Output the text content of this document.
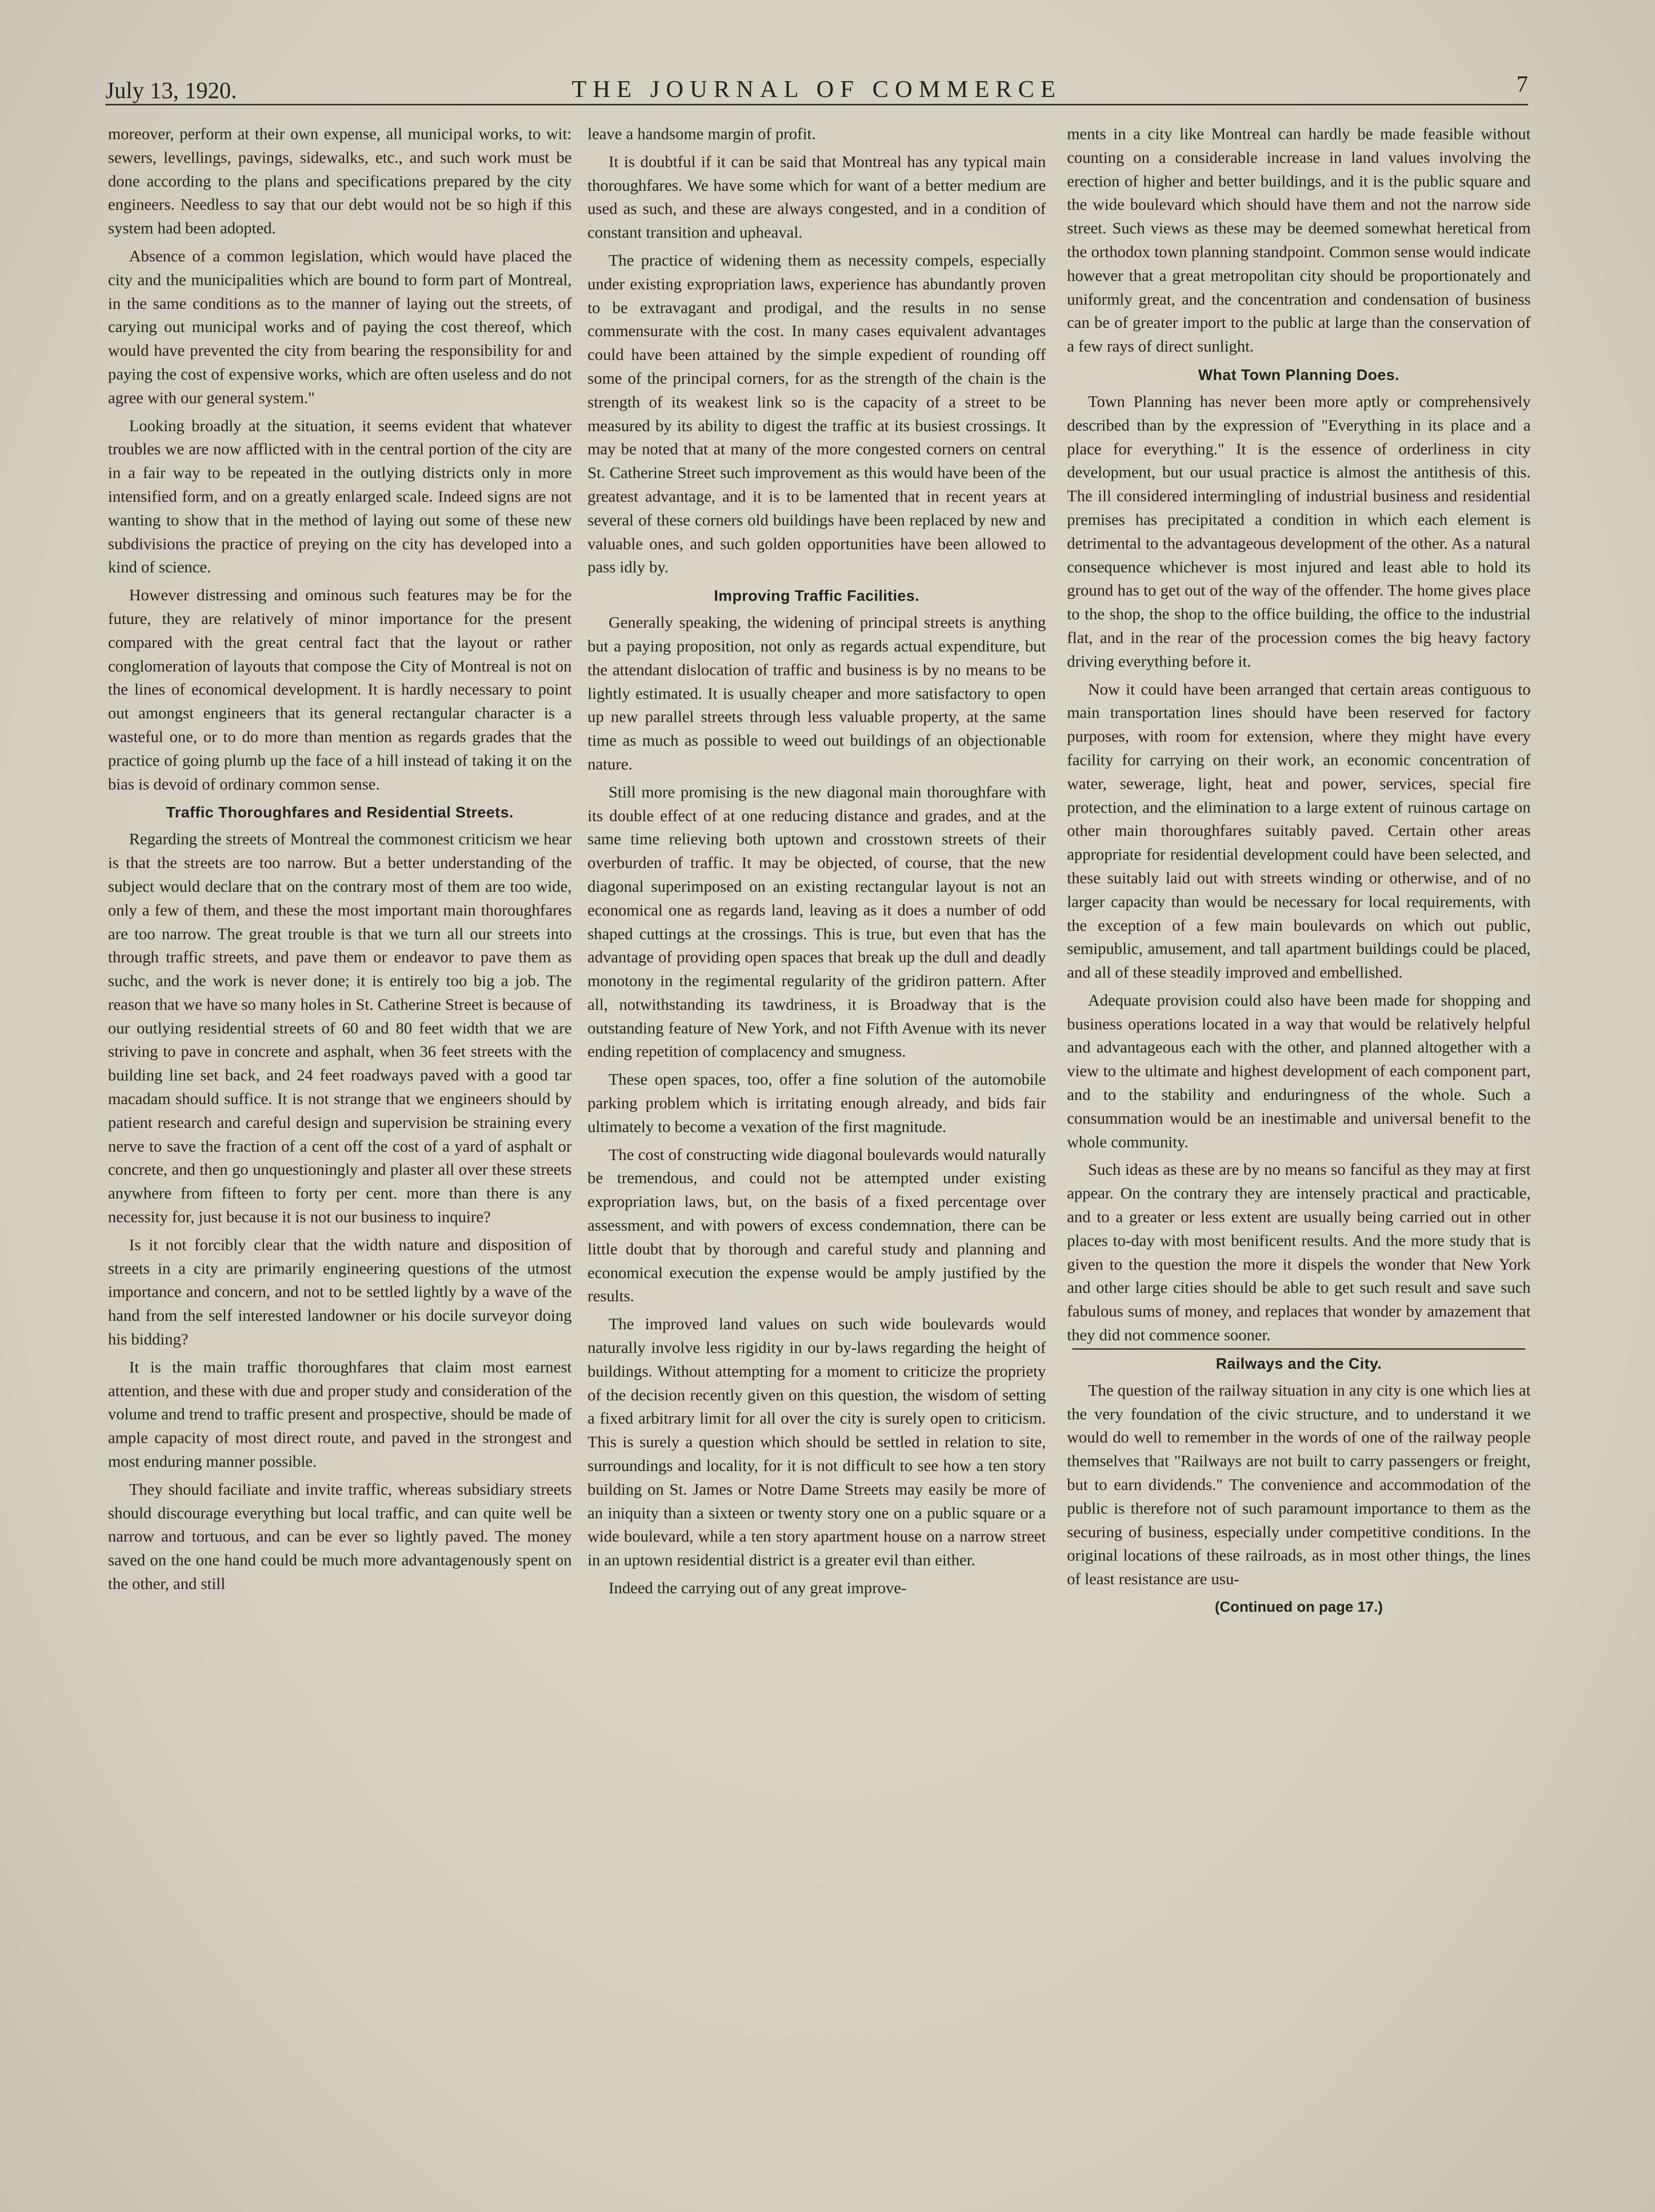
July 13, 1920.	THE JOURNAL OF COMMERCE	7

moreover, perform at their own expense, all municipal works, to wit: sewers, levellings, pavings, sidewalks, etc., and such work must be done according to the plans and specifications prepared by the city engineers. Needless to say that our debt would not be so high if this system had been adopted.

Absence of a common legislation, which would have placed the city and the municipalities which are bound to form part of Montreal, in the same conditions as to the manner of laying out the streets, of carying out municipal works and of paying the cost thereof, which would have prevented the city from bearing the responsibility for and paying the cost of expensive works, which are often useless and do not agree with our general system."

Looking broadly at the situation, it seems evident that whatever troubles we are now afflicted with in the central portion of the city are in a fair way to be repeated in the outlying districts only in more intensified form, and on a greatly enlarged scale. Indeed signs are not wanting to show that in the method of laying out some of these new subdivisions the practice of preying on the city has developed into a kind of science.

However distressing and ominous such features may be for the future, they are relatively of minor importance for the present compared with the great central fact that the layout or rather conglomeration of layouts that compose the City of Montreal is not on the lines of economical development. It is hardly necessary to point out amongst engineers that its general rectangular character is a wasteful one, or to do more than mention as regards grades that the practice of going plumb up the face of a hill instead of taking it on the bias is devoid of ordinary common sense.

Traffic Thoroughfares and Residential Streets.

Regarding the streets of Montreal the commonest criticism we hear is that the streets are too narrow. But a better understanding of the subject would declare that on the contrary most of them are too wide, only a few of them, and these the most important main thoroughfares are too narrow. The great trouble is that we turn all our streets into through traffic streets, and pave them or endeavor to pave them as suchc, and the work is never done; it is entirely too big a job. The reason that we have so many holes in St. Catherine Street is because of our outlying residential streets of 60 and 80 feet width that we are striving to pave in concrete and asphalt, when 36 feet streets with the building line set back, and 24 feet roadways paved with a good tar macadam should suffice. It is not strange that we engineers should by patient research and careful design and supervision be straining every nerve to save the fraction of a cent off the cost of a yard of asphalt or concrete, and then go unquestioningly and plaster all over these streets anywhere from fifteen to forty per cent. more than there is any necessity for, just because it is not our business to inquire?

Is it not forcibly clear that the width nature and disposition of streets in a city are primarily engineering questions of the utmost importance and concern, and not to be settled lightly by a wave of the hand from the self interested landowner or his docile surveyor doing his bidding?

It is the main traffic thoroughfares that claim most earnest attention, and these with due and proper study and consideration of the volume and trend to traffic present and prospective, should be made of ample capacity of most direct route, and paved in the strongest and most enduring manner possible.

They should faciliate and invite traffic, whereas subsidiary streets should discourage everything but local traffic, and can quite well be narrow and tortuous, and can be ever so lightly paved. The money saved on the one hand could be much more advantagenously spent on the other, and still

leave a handsome margin of profit.

It is doubtful if it can be said that Montreal has any typical main thoroughfares. We have some which for want of a better medium are used as such, and these are always congested, and in a condition of constant transition and upheaval.

The practice of widening them as necessity compels, especially under existing expropriation laws, experience has abundantly proven to be extravagant and prodigal, and the results in no sense commensurate with the cost. In many cases equivalent advantages could have been attained by the simple expedient of rounding off some of the principal corners, for as the strength of the chain is the strength of its weakest link so is the capacity of a street to be measured by its ability to digest the traffic at its busiest crossings. It may be noted that at many of the more congested corners on central St. Catherine Street such improvement as this would have been of the greatest advantage, and it is to be lamented that in recent years at several of these corners old buildings have been replaced by new and valuable ones, and such golden opportunities have been allowed to pass idly by.

Improving Traffic Facilities.

Generally speaking, the widening of principal streets is anything but a paying proposition, not only as regards actual expenditure, but the attendant dislocation of traffic and business is by no means to be lightly estimated. It is usually cheaper and more satisfactory to open up new parallel streets through less valuable property, at the same time as much as possible to weed out buildings of an objectionable nature.

Still more promising is the new diagonal main thoroughfare with its double effect of at one reducing distance and grades, and at the same time relieving both uptown and crosstown streets of their overburden of traffic. It may be objected, of course, that the new diagonal superimposed on an existing rectangular layout is not an economical one as regards land, leaving as it does a number of odd shaped cuttings at the crossings. This is true, but even that has the advantage of providing open spaces that break up the dull and deadly monotony in the regimental regularity of the gridiron pattern. After all, notwithstanding its tawdriness, it is Broadway that is the outstanding feature of New York, and not Fifth Avenue with its never ending repetition of complacency and smugness.

These open spaces, too, offer a fine solution of the automobile parking problem which is irritating enough already, and bids fair ultimately to become a vexation of the first magnitude.

The cost of constructing wide diagonal boulevards would naturally be tremendous, and could not be attempted under existing expropriation laws, but, on the basis of a fixed percentage over assessment, and with powers of excess condemnation, there can be little doubt that by thorough and careful study and planning and economical execution the expense would be amply justified by the results.

The improved land values on such wide boulevards would naturally involve less rigidity in our by-laws regarding the height of buildings. Without attempting for a moment to criticize the propriety of the decision recently given on this question, the wisdom of setting a fixed arbitrary limit for all over the city is surely open to criticism. This is surely a question which should be settled in relation to site, surroundings and locality, for it is not difficult to see how a ten story building on St. James or Notre Dame Streets may easily be more of an iniquity than a sixteen or twenty story one on a public square or a wide boulevard, while a ten story apartment house on a narrow street in an uptown residential district is a greater evil than either.

Indeed the carrying out of any great improve-

ments in a city like Montreal can hardly be made feasible without counting on a considerable increase in land values involving the erection of higher and better buildings, and it is the public square and the wide boulevard which should have them and not the narrow side street. Such views as these may be deemed somewhat heretical from the orthodox town planning standpoint. Common sense would indicate however that a great metropolitan city should be proportionately and uniformly great, and the concentration and condensation of business can be of greater import to the public at large than the conservation of a few rays of direct sunlight.

What Town Planning Does.

Town Planning has never been more aptly or comprehensively described than by the expression of "Everything in its place and a place for everything." It is the essence of orderliness in city development, but our usual practice is almost the antithesis of this. The ill considered intermingling of industrial business and residential premises has precipitated a condition in which each element is detrimental to the advantageous development of the other. As a natural consequence whichever is most injured and least able to hold its ground has to get out of the way of the offender. The home gives place to the shop, the shop to the office building, the office to the industrial flat, and in the rear of the procession comes the big heavy factory driving everything before it.

Now it could have been arranged that certain areas contiguous to main transportation lines should have been reserved for factory purposes, with room for extension, where they might have every facility for carrying on their work, an economic concentration of water, sewerage, light, heat and power, services, special fire protection, and the elimination to a large extent of ruinous cartage on other main thoroughfares suitably paved. Certain other areas appropriate for residential development could have been selected, and these suitably laid out with streets winding or otherwise, and of no larger capacity than would be necessary for local requirements, with the exception of a few main boulevards on which out public, semipublic, amusement, and tall apartment buildings could be placed, and all of these steadily improved and embellished.

Adequate provision could also have been made for shopping and business operations located in a way that would be relatively helpful and advantageous each with the other, and planned altogether with a view to the ultimate and highest development of each component part, and to the stability and enduringness of the whole. Such a consummation would be an inestimable and universal benefit to the whole community.

Such ideas as these are by no means so fanciful as they may at first appear. On the contrary they are intensely practical and practicable, and to a greater or less extent are usually being carried out in other places to-day with most benificent results. And the more study that is given to the question the more it dispels the wonder that New York and other large cities should be able to get such result and save such fabulous sums of money, and replaces that wonder by amazement that they did not commence sooner.

Railways and the City.

The question of the railway situation in any city is one which lies at the very foundation of the civic structure, and to understand it we would do well to remember in the words of one of the railway people themselves that "Railways are not built to carry passengers or freight, but to earn dividends." The convenience and accommodation of the public is therefore not of such paramount importance to them as the securing of business, especially under competitive conditions. In the original locations of these railroads, as in most other things, the lines of least resistance are usu-

(Continued on page 17.)
